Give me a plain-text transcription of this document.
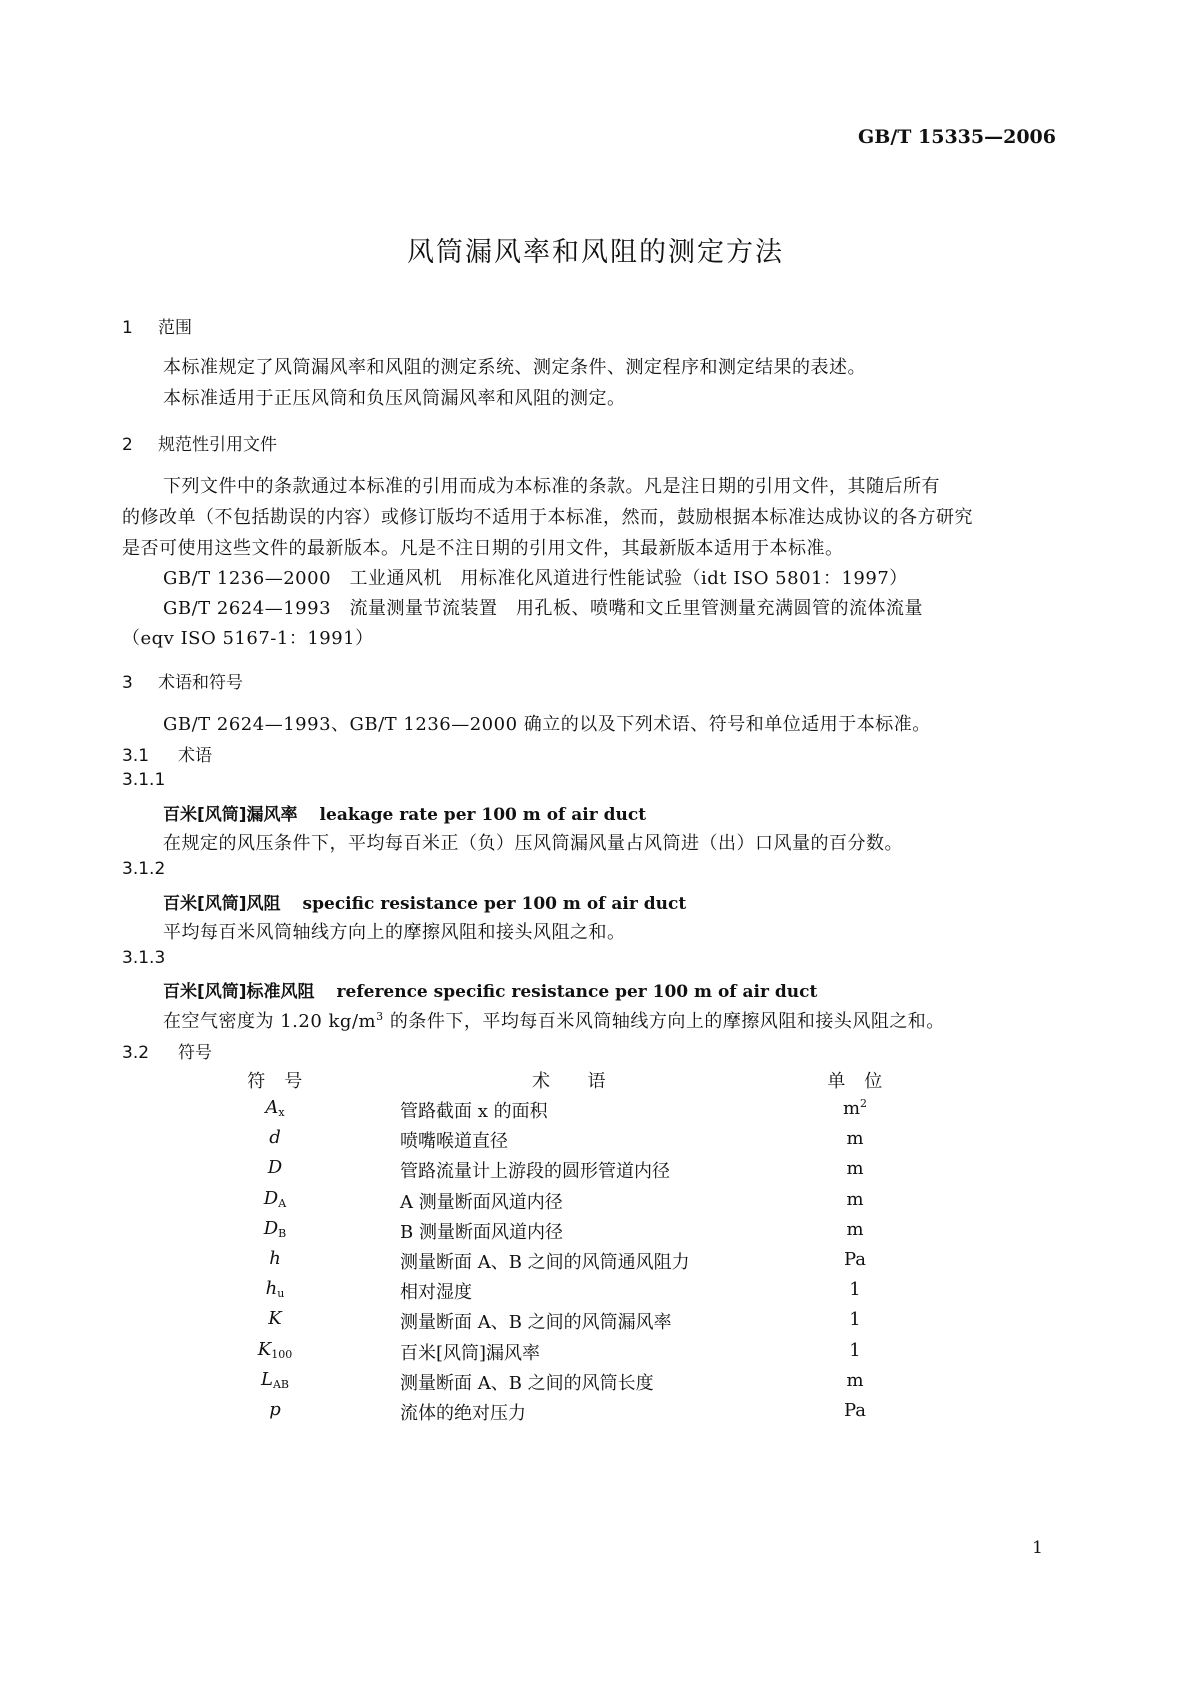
GB/T 15335—2006
风筒漏风率和风阻的测定方法
1 范围
本标准规定了风筒漏风率和风阻的测定系统、测定条件、测定程序和测定结果的表述。
本标准适用于正压风筒和负压风筒漏风率和风阻的测定。
2 规范性引用文件
下列文件中的条款通过本标准的引用而成为本标准的条款。凡是注日期的引用文件，其随后所有
的修改单（不包括勘误的内容）或修订版均不适用于本标准，然而，鼓励根据本标准达成协议的各方研究
是否可使用这些文件的最新版本。凡是不注日期的引用文件，其最新版本适用于本标准。
GB/T 1236—2000　工业通风机　用标准化风道进行性能试验（idt ISO 5801：1997）
GB/T 2624—1993　流量测量节流装置　用孔板、喷嘴和文丘里管测量充满圆管的流体流量
（eqv ISO 5167-1：1991）
3 术语和符号
GB/T 2624—1993、GB/T 1236—2000 确立的以及下列术语、符号和单位适用于本标准。
3.1 术语
3.1.1
百米[风筒]漏风率 leakage rate per 100 m of air duct
在规定的风压条件下，平均每百米正（负）压风筒漏风量占风筒进（出）口风量的百分数。
3.1.2
百米[风筒]风阻 specific resistance per 100 m of air duct
平均每百米风筒轴线方向上的摩擦风阻和接头风阻之和。
3.1.3
百米[风筒]标准风阻 reference specific resistance per 100 m of air duct
在空气密度为 1.20 $kg/m^3$ 的条件下，平均每百米风筒轴线方向上的摩擦风阻和接头风阻之和。
3.2 符号
符　号	术　　语	单　位
$A_x$	管路截面 x 的面积	$m^2$
d	喷嘴喉道直径	m
D	管路流量计上游段的圆形管道内径	m
$D_A$	A 测量断面风道内径	m
$D_B$	B 测量断面风道内径	m
h	测量断面 A、B 之间的风筒通风阻力	Pa
$h_u$	相对湿度	1
K	测量断面 A、B 之间的风筒漏风率	1
$K_{100}$	百米[风筒]漏风率	1
$L_{AB}$	测量断面 A、B 之间的风筒长度	m
p	流体的绝对压力	Pa
1
